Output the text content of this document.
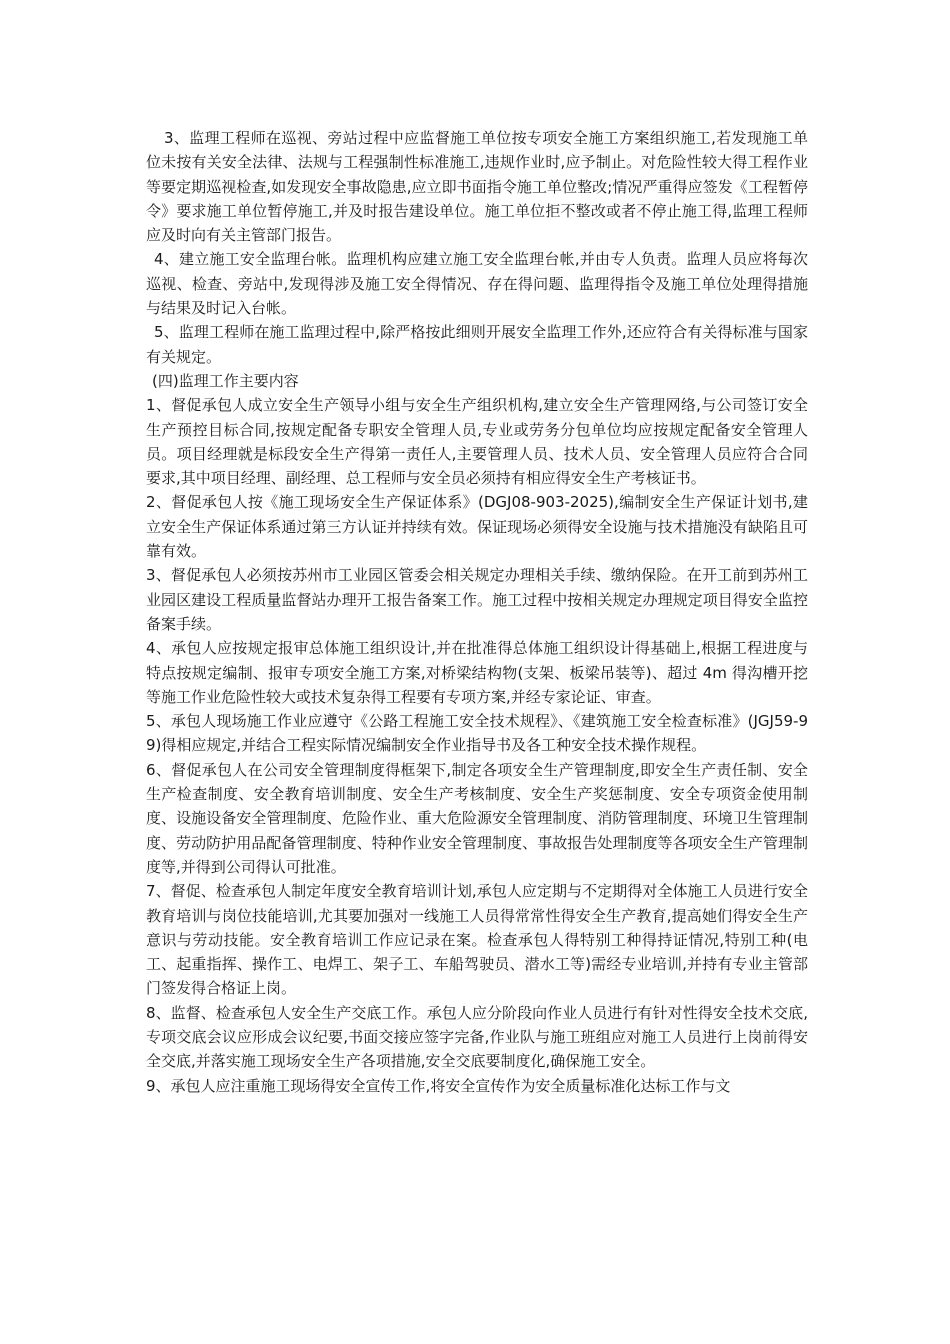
3、监理工程师在巡视、旁站过程中应监督施工单位按专项安全施工方案组织施工,若发现施工单位未按有关安全法律、法规与工程强制性标准施工,违规作业时,应予制止。对危险性较大得工程作业等要定期巡视检查,如发现安全事故隐患,应立即书面指令施工单位整改;情况严重得应签发《工程暂停令》要求施工单位暂停施工,并及时报告建设单位。施工单位拒不整改或者不停止施工得,监理工程师应及时向有关主管部门报告。

4、建立施工安全监理台帐。监理机构应建立施工安全监理台帐,并由专人负责。监理人员应将每次巡视、检查、旁站中,发现得涉及施工安全得情况、存在得问题、监理得指令及施工单位处理得措施与结果及时记入台帐。

5、监理工程师在施工监理过程中,除严格按此细则开展安全监理工作外,还应符合有关得标准与国家有关规定。

(四)监理工作主要内容

1、督促承包人成立安全生产领导小组与安全生产组织机构,建立安全生产管理网络,与公司签订安全生产预控目标合同,按规定配备专职安全管理人员,专业或劳务分包单位均应按规定配备安全管理人员。项目经理就是标段安全生产得第一责任人,主要管理人员、技术人员、安全管理人员应符合合同要求,其中项目经理、副经理、总工程师与安全员必须持有相应得安全生产考核证书。

2、督促承包人按《施工现场安全生产保证体系》(DGJ08-903-2025),编制安全生产保证计划书,建立安全生产保证体系通过第三方认证并持续有效。保证现场必须得安全设施与技术措施没有缺陷且可靠有效。

3、督促承包人必须按苏州市工业园区管委会相关规定办理相关手续、缴纳保险。在开工前到苏州工业园区建设工程质量监督站办理开工报告备案工作。施工过程中按相关规定办理规定项目得安全监控备案手续。

4、承包人应按规定报审总体施工组织设计,并在批准得总体施工组织设计得基础上,根据工程进度与特点按规定编制、报审专项安全施工方案,对桥梁结构物(支架、板梁吊装等)、超过 4m 得沟槽开挖等施工作业危险性较大或技术复杂得工程要有专项方案,并经专家论证、审查。

5、承包人现场施工作业应遵守《公路工程施工安全技术规程》、《建筑施工安全检查标准》(JGJ59-99)得相应规定,并结合工程实际情况编制安全作业指导书及各工种安全技术操作规程。

6、督促承包人在公司安全管理制度得框架下,制定各项安全生产管理制度,即安全生产责任制、安全生产检查制度、安全教育培训制度、安全生产考核制度、安全生产奖惩制度、安全专项资金使用制度、设施设备安全管理制度、危险作业、重大危险源安全管理制度、消防管理制度、环境卫生管理制度、劳动防护用品配备管理制度、特种作业安全管理制度、事故报告处理制度等各项安全生产管理制度等,并得到公司得认可批准。

7、督促、检查承包人制定年度安全教育培训计划,承包人应定期与不定期得对全体施工人员进行安全教育培训与岗位技能培训,尤其要加强对一线施工人员得常常性得安全生产教育,提高她们得安全生产意识与劳动技能。安全教育培训工作应记录在案。检查承包人得特别工种得持证情况,特别工种(电工、起重指挥、操作工、电焊工、架子工、车船驾驶员、潜水工等)需经专业培训,并持有专业主管部门签发得合格证上岗。

8、监督、检查承包人安全生产交底工作。承包人应分阶段向作业人员进行有针对性得安全技术交底,专项交底会议应形成会议纪要,书面交接应签字完备,作业队与施工班组应对施工人员进行上岗前得安全交底,并落实施工现场安全生产各项措施,安全交底要制度化,确保施工安全。

9、承包人应注重施工现场得安全宣传工作,将安全宣传作为安全质量标准化达标工作与文
